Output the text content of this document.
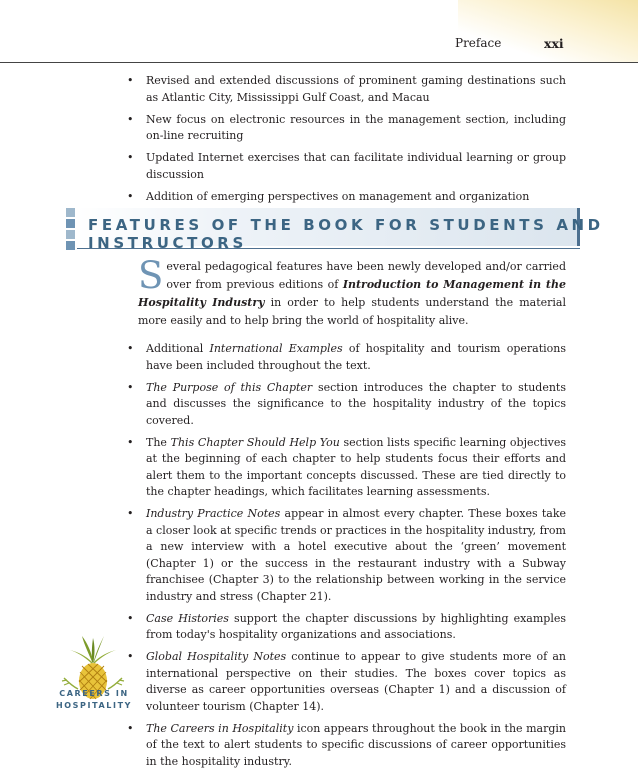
Preface	xxi
• Revised and extended discussions of prominent gaming destinations such as Atlantic City, Mississippi Gulf Coast, and Macau
• New focus on electronic resources in the management section, including on-line recruiting
• Updated Internet exercises that can facilitate individual learning or group discussion
• Addition of emerging perspectives on management and organization
FEATURES OF THE BOOK FOR STUDENTS AND INSTRUCTORS
Several pedagogical features have been newly developed and/or carried over from previous editions of Introduction to Management in the Hospitality Industry in order to help students understand the material more easily and to help bring the world of hospitality alive.
• Additional International Examples of hospitality and tourism operations have been included throughout the text.
• The Purpose of this Chapter section introduces the chapter to students and discusses the significance to the hospitality industry of the topics covered.
• The This Chapter Should Help You section lists specific learning objectives at the beginning of each chapter to help students focus their efforts and alert them to the important concepts discussed. These are tied directly to the chapter headings, which facilitates learning assessments.
• Industry Practice Notes appear in almost every chapter. These boxes take a closer look at specific trends or practices in the hospitality industry, from a new interview with a hotel executive about the ‘green’ movement (Chapter 1) or the success in the restaurant industry with a Subway franchisee (Chapter 3) to the relationship between working in the service industry and stress (Chapter 21).
• Case Histories support the chapter discussions by highlighting examples from today's hospitality organizations and associations.
• Global Hospitality Notes continue to appear to give students more of an international perspective on their studies. The boxes cover topics as diverse as career opportunities overseas (Chapter 1) and a discussion of volunteer tourism (Chapter 14).
• The Careers in Hospitality icon appears throughout the book in the margin of the text to alert students to specific discussions of career opportunities in the hospitality industry.
CAREERS IN
HOSPITALITY
